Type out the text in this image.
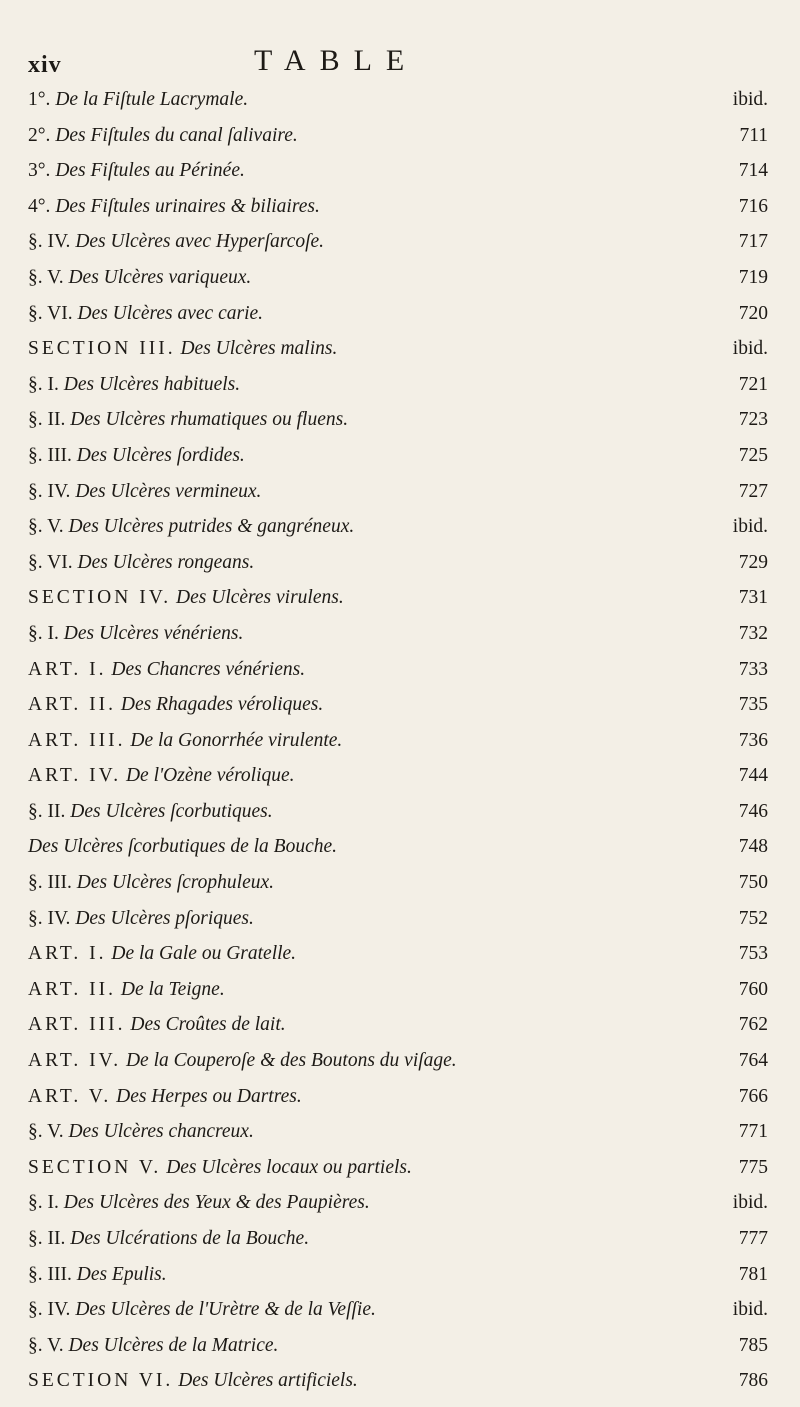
xiv	TABLE
1°. De la Fiſtule Lacrymale.	ibid.
2°. Des Fiſtules du canal ſalivaire.	711
3°. Des Fiſtules au Périnée.	714
4°. Des Fiſtules urinaires & biliaires.	716
§. IV. Des Ulcères avec Hyperſarcoſe.	717
§. V. Des Ulcères variqueux.	719
§. VI. Des Ulcères avec carie.	720
SECTION III. Des Ulcères malins.	ibid.
§. I. Des Ulcères habituels.	721
§. II. Des Ulcères rhumatiques ou fluens.	723
§. III. Des Ulcères ſordides.	725
§. IV. Des Ulcères vermineux.	727
§. V. Des Ulcères putrides & gangréneux.	ibid.
§. VI. Des Ulcères rongeans.	729
SECTION IV. Des Ulcères virulens.	731
§. I. Des Ulcères vénériens.	732
ART. I. Des Chancres vénériens.	733
ART. II. Des Rhagades véroliques.	735
ART. III. De la Gonorrhée virulente.	736
ART. IV. De l'Ozène vérolique.	744
§. II. Des Ulcères ſcorbutiques.	746
Des Ulcères ſcorbutiques de la Bouche.	748
§. III. Des Ulcères ſcrophuleux.	750
§. IV. Des Ulcères pſoriques.	752
ART. I. De la Gale ou Gratelle.	753
ART. II. De la Teigne.	760
ART. III. Des Croûtes de lait.	762
ART. IV. De la Couperoſe & des Boutons du viſage.	764
ART. V. Des Herpes ou Dartres.	766
§. V. Des Ulcères chancreux.	771
SECTION V. Des Ulcères locaux ou partiels.	775
§. I. Des Ulcères des Yeux & des Paupières.	ibid.
§. II. Des Ulcérations de la Bouche.	777
§. III. Des Epulis.	781
§. IV. Des Ulcères de l'Urètre & de la Veſſie.	ibid.
§. V. Des Ulcères de la Matrice.	785
SECTION VI. Des Ulcères artificiels.	786
